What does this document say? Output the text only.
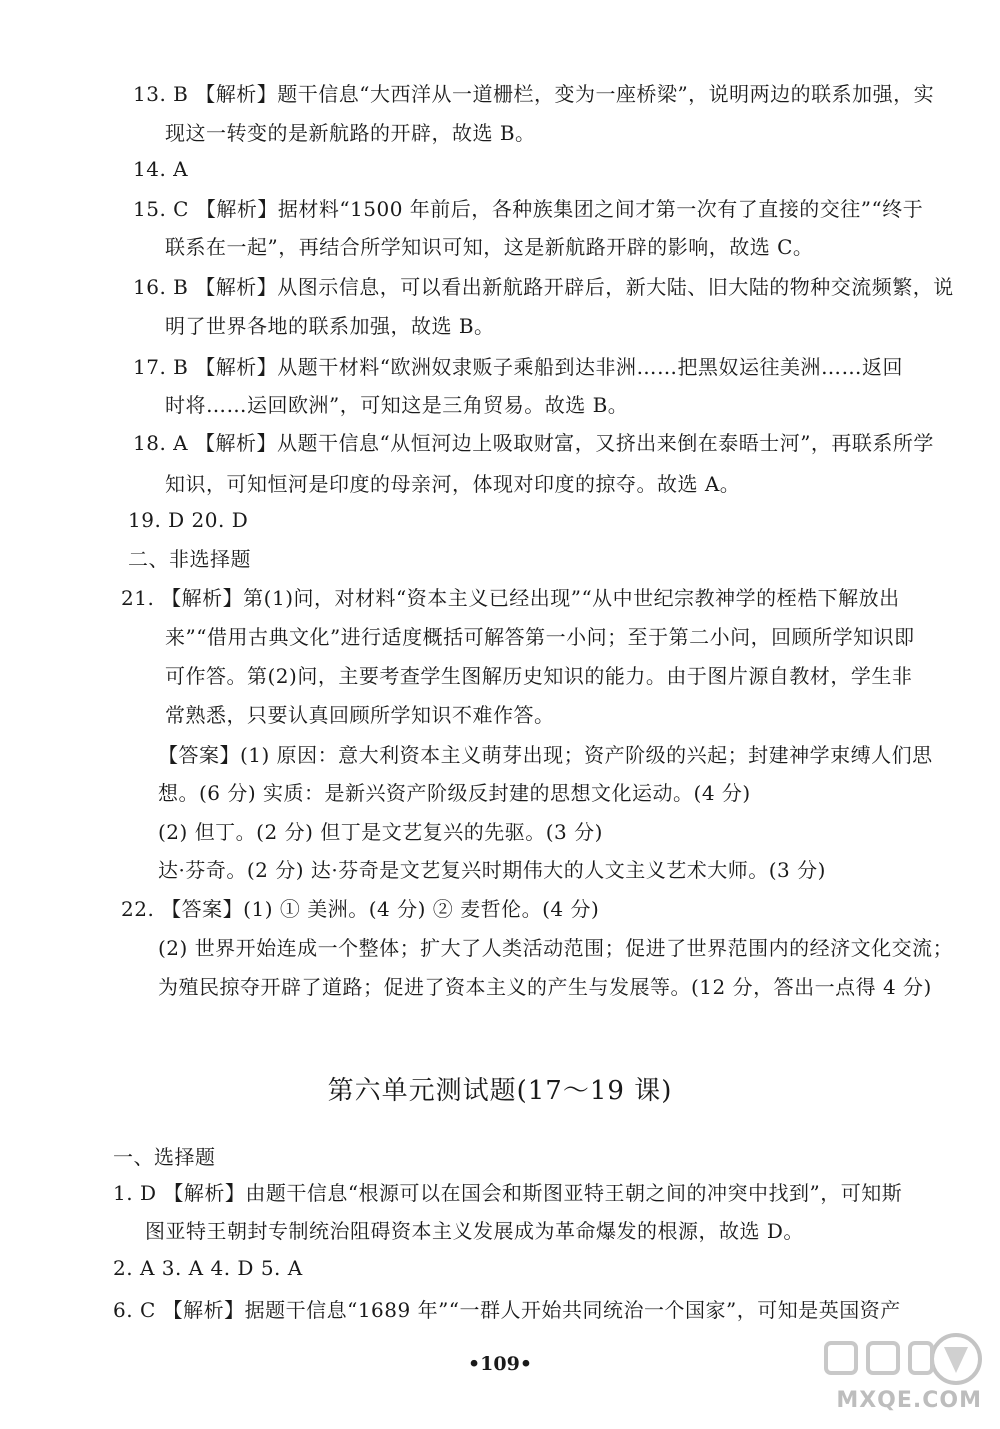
13. B 【解析】题干信息“大西洋从一道栅栏，变为一座桥梁”，说明两边的联系加强，实
现这一转变的是新航路的开辟，故选 B。
14. A
15. C 【解析】据材料“1500 年前后，各种族集团之间才第一次有了直接的交往”“终于
联系在一起”，再结合所学知识可知，这是新航路开辟的影响，故选 C。
16. B 【解析】从图示信息，可以看出新航路开辟后，新大陆、旧大陆的物种交流频繁，说
明了世界各地的联系加强，故选 B。
17. B 【解析】从题干材料“欧洲奴隶贩子乘船到达非洲……把黑奴运往美洲……返回
时将……运回欧洲”，可知这是三角贸易。故选 B。
18. A 【解析】从题干信息“从恒河边上吸取财富，又挤出来倒在泰晤士河”，再联系所学
知识，可知恒河是印度的母亲河，体现对印度的掠夺。故选 A。
19. D 20. D
二、非选择题
21. 【解析】第(1)问，对材料“资本主义已经出现”“从中世纪宗教神学的桎梏下解放出
来”“借用古典文化”进行适度概括可解答第一小问；至于第二小问，回顾所学知识即
可作答。第(2)问，主要考查学生图解历史知识的能力。由于图片源自教材，学生非
常熟悉，只要认真回顾所学知识不难作答。
【答案】(1) 原因：意大利资本主义萌芽出现；资产阶级的兴起；封建神学束缚人们思
想。(6 分) 实质：是新兴资产阶级反封建的思想文化运动。(4 分)
(2) 但丁。(2 分) 但丁是文艺复兴的先驱。(3 分)
达·芬奇。(2 分) 达·芬奇是文艺复兴时期伟大的人文主义艺术大师。(3 分)
22. 【答案】(1) ① 美洲。(4 分) ② 麦哲伦。(4 分)
(2) 世界开始连成一个整体；扩大了人类活动范围；促进了世界范围内的经济文化交流；
为殖民掠夺开辟了道路；促进了资本主义的产生与发展等。(12 分，答出一点得 4 分)
第六单元测试题(17～19 课)
一、选择题
1. D 【解析】由题干信息“根源可以在国会和斯图亚特王朝之间的冲突中找到”，可知斯
图亚特王朝封专制统治阻碍资本主义发展成为革命爆发的根源，故选 D。
2. A 3. A 4. D 5. A
6. C 【解析】据题干信息“1689 年”“一群人开始共同统治一个国家”，可知是英国资产
•109•
MXQE.COM
